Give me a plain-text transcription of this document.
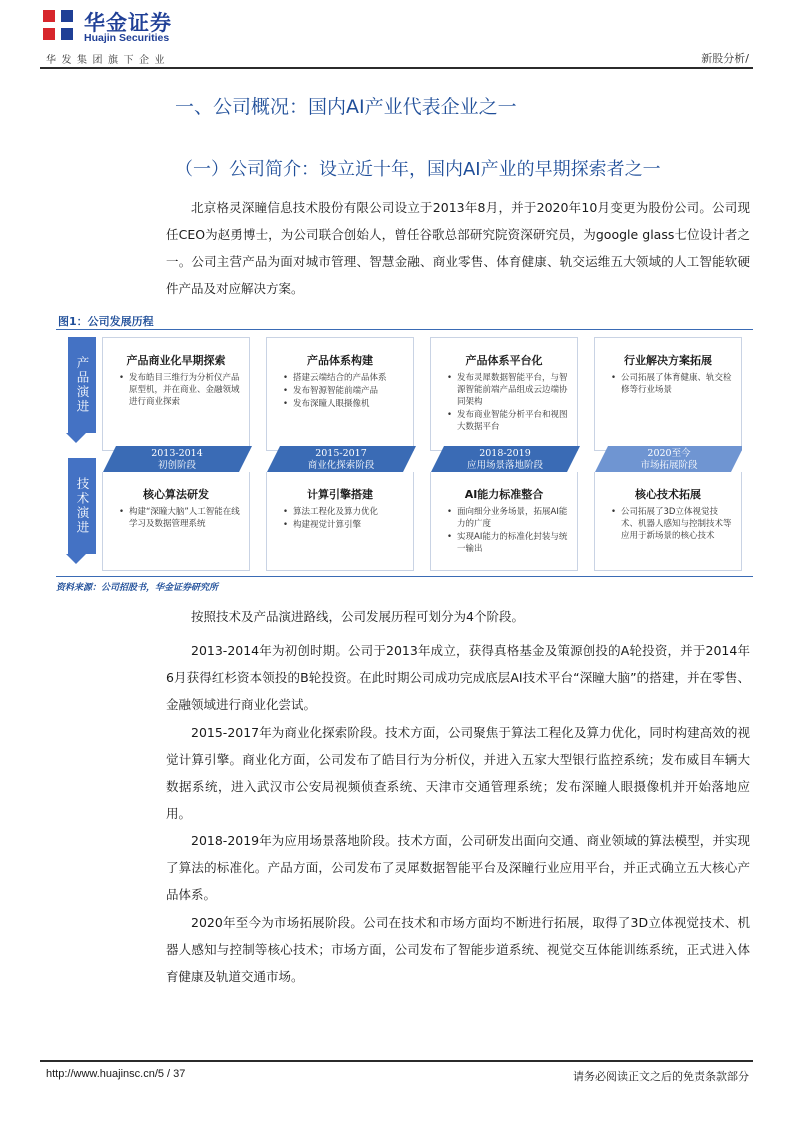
华金证券
Huajin Securities
华发集团旗下企业	新股分析/
一、公司概况：国内AI产业代表企业之一
（一）公司简介：设立近十年，国内AI产业的早期探索者之一

北京格灵深瞳信息技术股份有限公司设立于2013年8月，并于2020年10月变更为股份公司。公司现任CEO为赵勇博士，为公司联合创始人，曾任谷歌总部研究院资深研究员，为google glass七位设计者之一。公司主营产品为面对城市管理、智慧金融、商业零售、体育健康、轨交运维五大领域的人工智能软硬件产品及对应解决方案。

图1：公司发展历程
产品演进
技术演进
产品商业化早期探索
• 发布皓目三维行为分析仪产品原型机，并在商业、金融领域进行商业探索
产品体系构建
• 搭建云端结合的产品体系
• 发布智源智能前端产品
• 发布深瞳人眼摄像机
产品体系平台化
• 发布灵犀数据智能平台，与智源智能前端产品组成云边端协同架构
• 发布商业智能分析平台和视图大数据平台
行业解决方案拓展
• 公司拓展了体育健康、轨交检修等行业场景
2013-2014
初创阶段
2015-2017
商业化探索阶段
2018-2019
应用场景落地阶段
2020至今
市场拓展阶段
核心算法研发
• 构建“深瞳大脑”人工智能在线学习及数据管理系统
计算引擎搭建
• 算法工程化及算力优化
• 构建视觉计算引擎
AI能力标准整合
• 面向细分业务场景，拓展AI能力的广度
• 实现AI能力的标准化封装与统一输出
核心技术拓展
• 公司拓展了3D立体视觉技术、机器人感知与控制技术等应用于新场景的核心技术
资料来源：公司招股书，华金证券研究所

按照技术及产品演进路线，公司发展历程可划分为4个阶段。

2013-2014年为初创时期。公司于2013年成立，获得真格基金及策源创投的A轮投资，并于2014年6月获得红杉资本领投的B轮投资。在此时期公司成功完成底层AI技术平台“深瞳大脑”的搭建，并在零售、金融领域进行商业化尝试。

2015-2017年为商业化探索阶段。技术方面，公司聚焦于算法工程化及算力优化，同时构建高效的视觉计算引擎。商业化方面，公司发布了皓目行为分析仪，并进入五家大型银行监控系统；发布威目车辆大数据系统，进入武汉市公安局视频侦查系统、天津市交通管理系统；发布深瞳人眼摄像机并开始落地应用。

2018-2019年为应用场景落地阶段。技术方面，公司研发出面向交通、商业领域的算法模型，并实现了算法的标准化。产品方面，公司发布了灵犀数据智能平台及深瞳行业应用平台，并正式确立五大核心产品体系。

2020年至今为市场拓展阶段。公司在技术和市场方面均不断进行拓展，取得了3D立体视觉技术、机器人感知与控制等核心技术；市场方面，公司发布了智能步道系统、视觉交互体能训练系统，正式进入体育健康及轨道交通市场。

http://www.huajinsc.cn/5 / 37	请务必阅读正文之后的免责条款部分
